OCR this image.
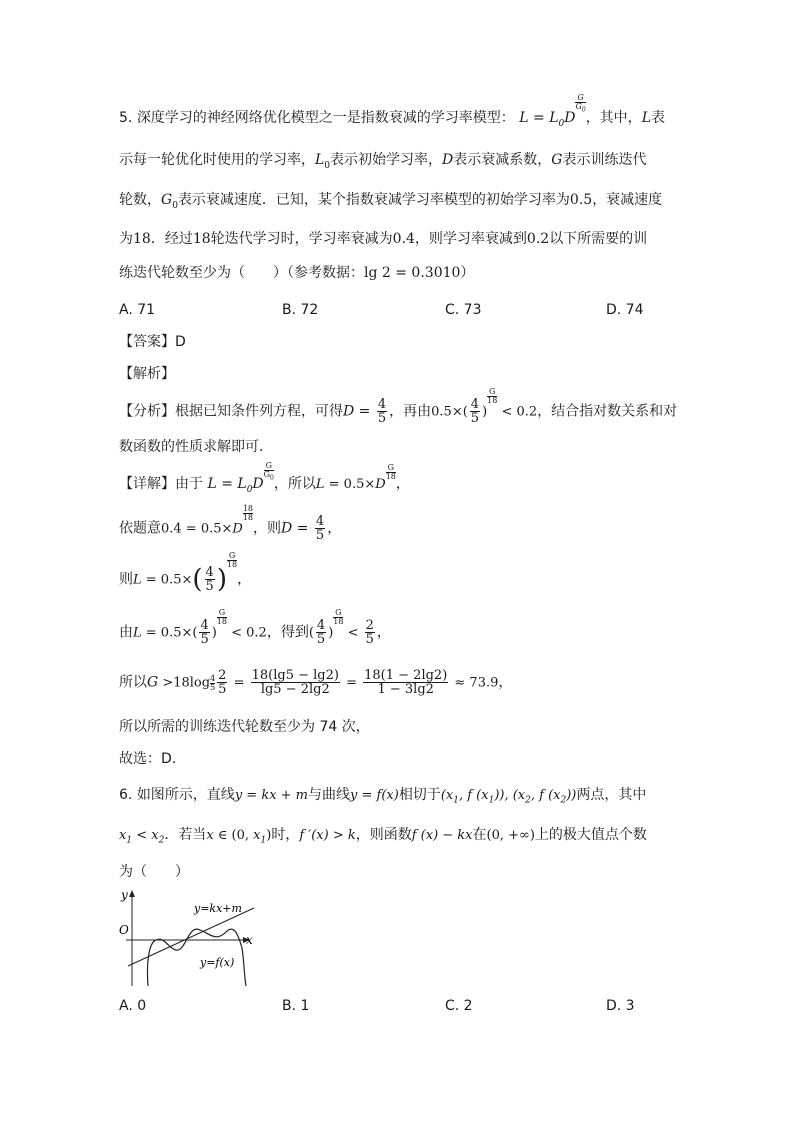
5. 深度学习的神经网络优化模型之一是指数衰减的学习率模型： $L = L_0D$
$\frac{G}{G_0}$
，其中，L表
示每一轮优化时使用的学习率，$L_0$表示初始学习率，D表示衰减系数，G表示训练迭代
轮数，$G_0$表示衰减速度．已知，某个指数衰减学习率模型的初始学习率为0.5，衰减速度
为18．经过18轮迭代学习时，学习率衰减为0.4，则学习率衰减到0.2以下所需要的训
练迭代轮数至少为（　　）（参考数据：lg 2 = 0.3010）
A. 71	B. 72	C. 73	D. 74
【答案】D
【解析】
【分析】根据已知条件列方程，可得$D = \frac{4}{5}$ ，再由$0.5\times( \frac{4}{5}$ )
$\frac{G}{18}$
< 0.2，结合指对数关系和对
数函数的性质求解即可．
【详解】由于 $L = L_0D$
$\frac{G}{G_0}$
，所以L = 0.5×D
$\frac{G}{18}$
，
依题意0.4 = 0.5×D
$\frac{18}{18}$
，则$D = \frac{4}{5}$ ，
则$L = 0.5\times( \frac{4}{5}$ )
$\frac{G}{18}$
，
由$L = 0.5\times( \frac{4}{5}$ )
$\frac{G}{18}$
< 0.2，得到( $\frac{4}{5}$ )
$\frac{G}{18}$
< $\frac{2}{5}$ ，
所以$G >18\log \frac{4}{5} \frac{2}{5} = \frac{18(\lg 5 - \lg 2)}{\lg 5 - 2\lg 2} = \frac{18(1 - 2\lg 2)}{1 - 3\lg 2} \approx 73.9$，
所以所需的训练迭代轮数至少为 74 次，
故选：D.
6. 如图所示，直线y = kx + m与曲线y = f(x)相切于($x_1$, f $(x_1)$), ($x_2$, f $(x_2)$)两点，其中
$x_1 < x_2$．若当x ∈ (0, $x_1$)时，f ′(x) > k，则函数f (x) − kx在(0, +∞)上的极大值点个数
为（　　）
y
x
O
y=kx+m
y=f(x)
A. 0	B. 1	C. 2	D. 3
